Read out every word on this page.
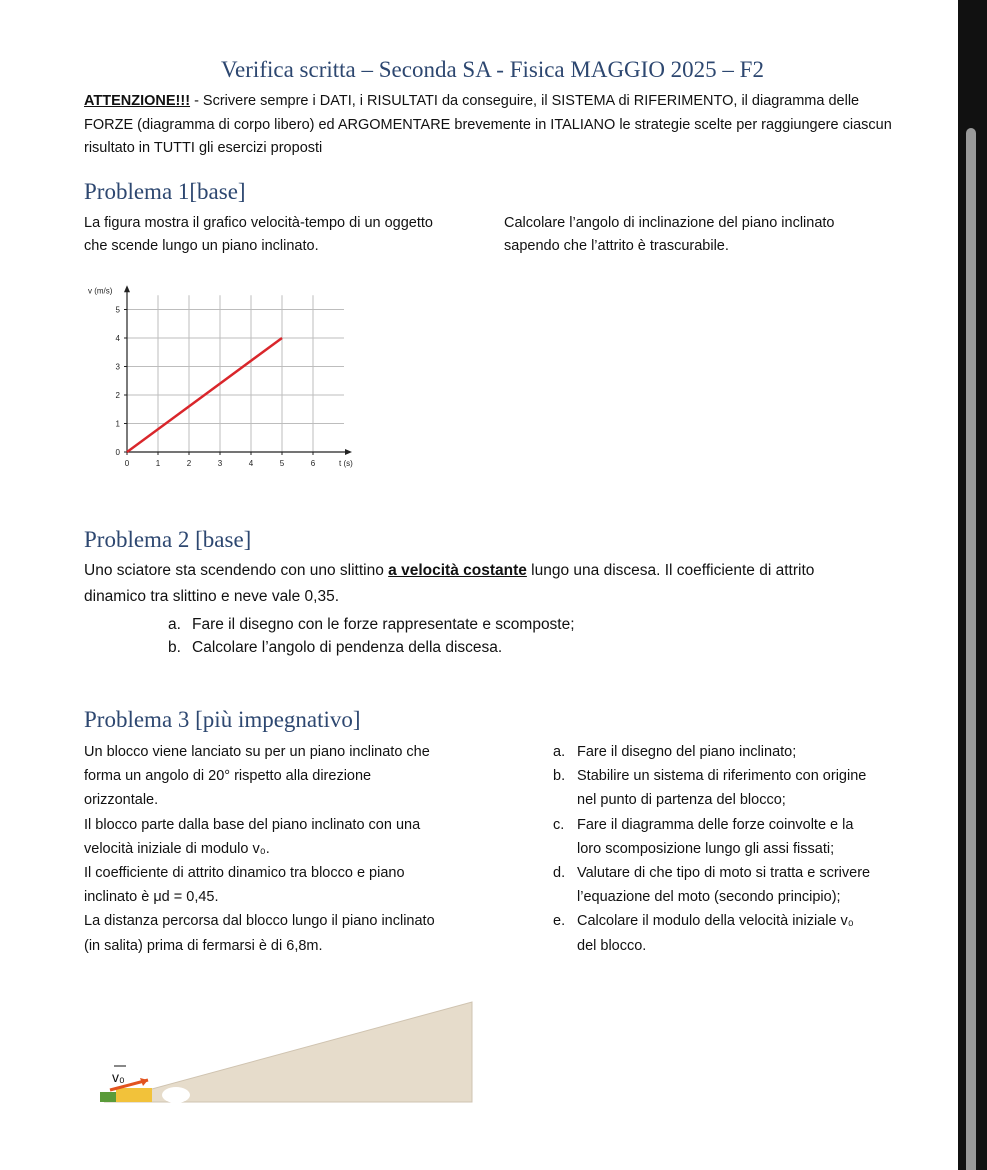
Verifica scritta – Seconda SA - Fisica MAGGIO 2025 – F2
ATTENZIONE!!! - Scrivere sempre i DATI, i RISULTATI da conseguire, il SISTEMA di RIFERIMENTO, il diagramma delle FORZE (diagramma di corpo libero) ed ARGOMENTARE brevemente in ITALIANO le strategie scelte per raggiungere ciascun risultato in TUTTI gli esercizi proposti
Problema 1[base]
La figura mostra il grafico velocità-tempo di un oggetto
che scende lungo un piano inclinato.
Calcolare l’angolo di inclinazione del piano inclinato
sapendo che l’attrito è trascurabile.
0	1	2	3	4	5	6
0
1
2
3
4
5
t (s)
v (m/s)
Problema 2 [base]
Uno sciatore sta scendendo con uno slittino a velocità costante lungo una discesa. Il coefficiente di attrito
dinamico tra slittino e neve vale 0,35.
a. Fare il disegno con le forze rappresentate e scomposte;
b. Calcolare l’angolo di pendenza della discesa.
Problema 3 [più impegnativo]
Un blocco viene lanciato su per un piano inclinato che
forma un angolo di 20° rispetto alla direzione
orizzontale.
Il blocco parte dalla base del piano inclinato con una
velocità iniziale di modulo v₀.
Il coefficiente di attrito dinamico tra blocco e piano
inclinato è μd = 0,45.
La distanza percorsa dal blocco lungo il piano inclinato
(in salita) prima di fermarsi è di 6,8m.
a. Fare il disegno del piano inclinato;
b. Stabilire un sistema di riferimento con origine
nel punto di partenza del blocco;
c. Fare il diagramma delle forze coinvolte e la
loro scomposizione lungo gli assi fissati;
d. Valutare di che tipo di moto si tratta e scrivere
l’equazione del moto (secondo principio);
e. Calcolare il modulo della velocità iniziale v₀
del blocco.
v₀
